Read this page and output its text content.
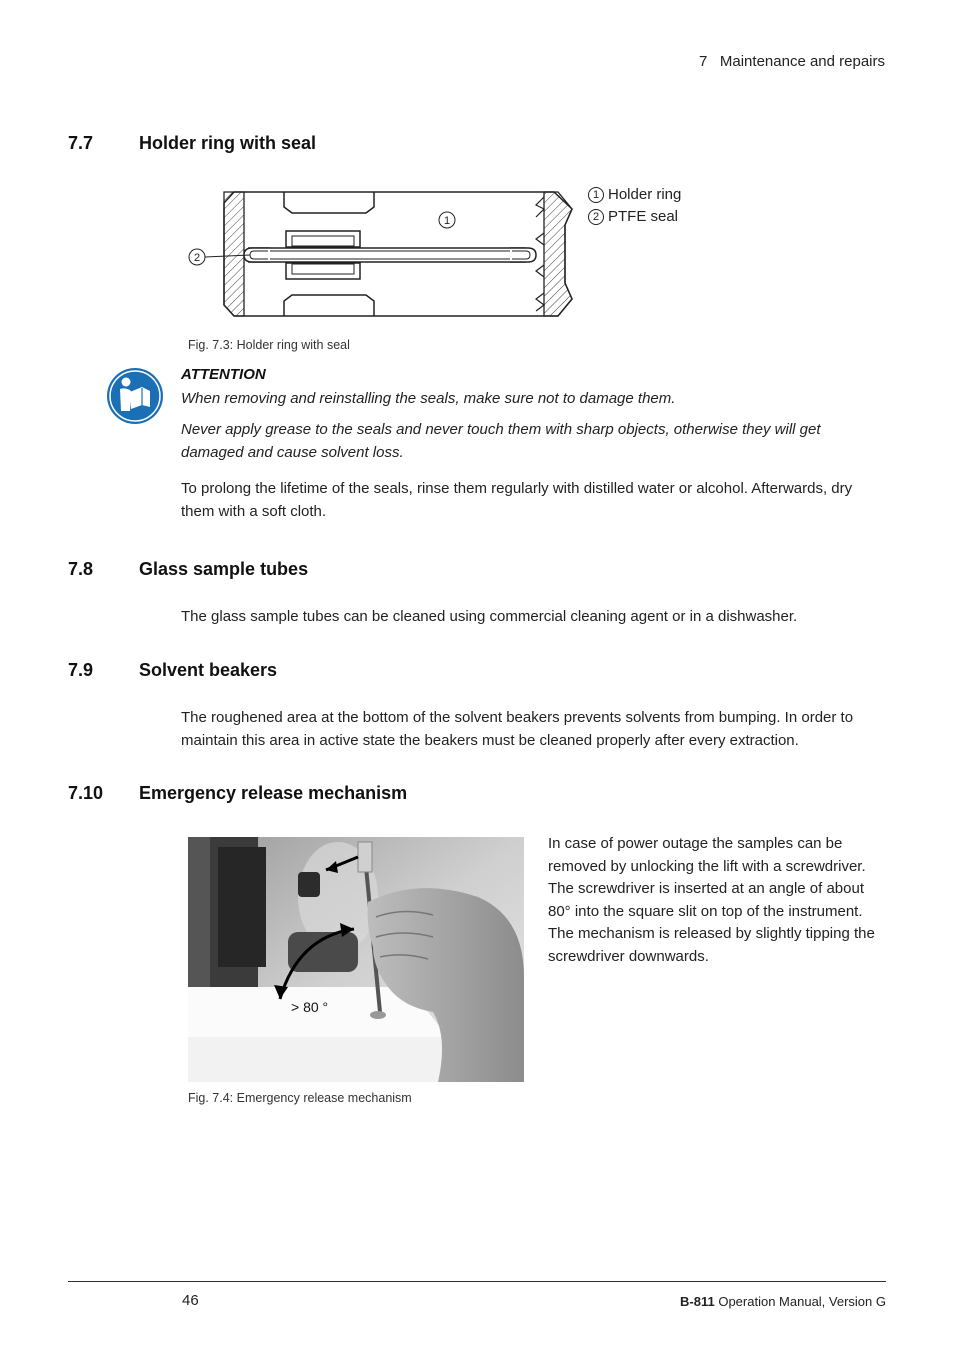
7   Maintenance and repairs
7.7	Holder ring with seal
1
2
1 Holder ring
2 PTFE seal
Fig. 7.3: Holder ring with seal
ATTENTION
When removing and reinstalling the seals, make sure not to damage them.
Never apply grease to the seals and never touch them with sharp objects, otherwise they will get damaged and cause solvent loss.
To prolong the lifetime of the seals, rinse them regularly with distilled water or alcohol. Afterwards, dry them with a soft cloth.
7.8	Glass sample tubes
The glass sample tubes can be cleaned using commercial cleaning agent or in a dishwasher.
7.9	Solvent beakers
The roughened area at the bottom of the solvent beakers prevents solvents from bumping. In order to maintain this area in active state the beakers must be cleaned properly after every extraction.
7.10 Emergency release mechanism
> 80 °
In case of power outage the samples can be removed by unlocking the lift with a screwdriver. The screwdriver is inserted at an angle of about 80° into the square slit on top of the instrument. The mechanism is released by slightly tipping the screwdriver downwards.
Fig. 7.4: Emergency release mechanism
46	B-811 Operation Manual, Version G
